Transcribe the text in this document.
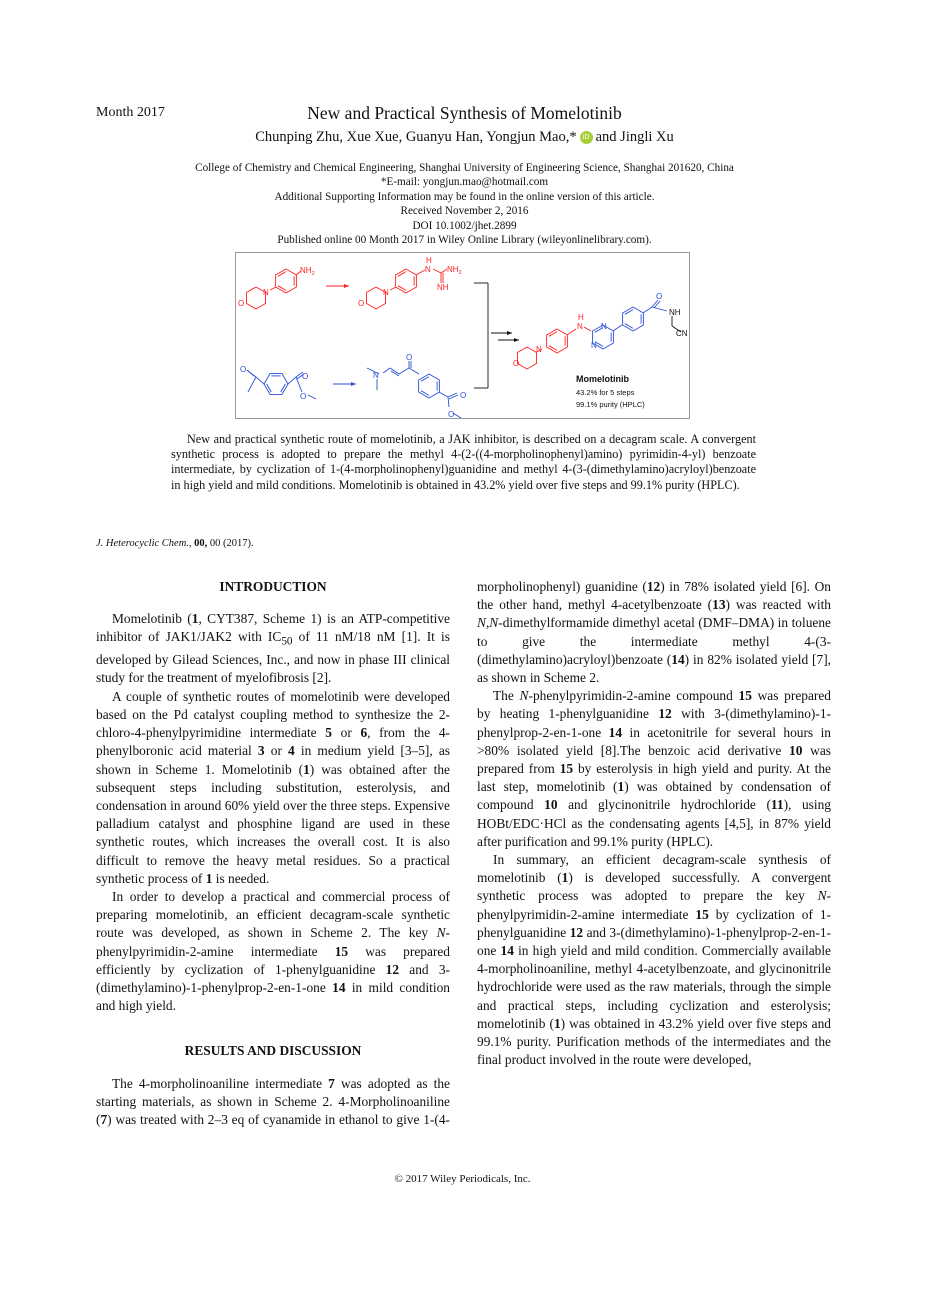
Month 2017	New and Practical Synthesis of Momelotinib
Chunping Zhu, Xue Xue, Guanyu Han, Yongjun Mao,* iD and Jingli Xu
College of Chemistry and Chemical Engineering, Shanghai University of Engineering Science, Shanghai 201620, China
*E-mail: yongjun.mao@hotmail.com
Additional Supporting Information may be found in the online version of this article.
Received November 2, 2016
DOI 10.1002/jhet.2899
Published online 00 Month 2017 in Wiley Online Library (wileyonlinelibrary.com).
$NH_2$
N
O
H
N $NH_2$
NH
N
O
O
O
O
N
O
O
O
H
N
N
O
N
N
O
NH
CN
Momelotinib
43.2% for 5 steps
99.1% purity (HPLC)
New and practical synthetic route of momelotinib, a JAK inhibitor, is described on a decagram scale. A convergent synthetic process is adopted to prepare the methyl 4-(2-((4-morpholinophenyl)amino) pyrimidin-4-yl) benzoate intermediate, by cyclization of 1-(4-morpholinophenyl)guanidine and methyl 4-(3-(dimethylamino)acryloyl)benzoate in high yield and mild conditions. Momelotinib is obtained in 43.2% yield over five steps and 99.1% purity (HPLC).
J. Heterocyclic Chem., 00, 00 (2017).
INTRODUCTION

Momelotinib (1, CYT387, Scheme 1) is an ATP-competitive inhibitor of JAK1/JAK2 with $IC_{50}$ of 11 nM/18 nM [1]. It is developed by Gilead Sciences, Inc., and now in phase III clinical study for the treatment of myelofibrosis [2].

A couple of synthetic routes of momelotinib were developed based on the Pd catalyst coupling method to synthesize the 2-chloro-4-phenylpyrimidine intermediate 5 or 6, from the 4-phenylboronic acid material 3 or 4 in medium yield [3–5], as shown in Scheme 1. Momelotinib (1) was obtained after the subsequent steps including substitution, esterolysis, and condensation in around 60% yield over the three steps. Expensive palladium catalyst and phosphine ligand are used in these synthetic routes, which increases the overall cost. It is also difficult to remove the heavy metal residues. So a practical synthetic process of 1 is needed.

In order to develop a practical and commercial process of preparing momelotinib, an efficient decagram-scale synthetic route was developed, as shown in Scheme 2. The key N-phenylpyrimidin-2-amine intermediate 15 was prepared efficiently by cyclization of 1-phenylguanidine 12 and 3-(dimethylamino)-1-phenylprop-2-en-1-one 14 in mild condition and high yield.

RESULTS AND DISCUSSION

The 4-morpholinoaniline intermediate 7 was adopted as the starting materials, as shown in Scheme 2. 4-Morpholinoaniline (7) was treated with 2–3 eq of cyanamide in ethanol to give 1-(4-morpholinophenyl) guanidine (12) in 78% isolated yield [6]. On the other hand, methyl 4-acetylbenzoate (13) was reacted with N,N-dimethylformamide dimethyl acetal (DMF–DMA) in toluene to give the intermediate methyl 4-(3-(dimethylamino)acryloyl)benzoate (14) in 82% isolated yield [7], as shown in Scheme 2.

The N-phenylpyrimidin-2-amine compound 15 was prepared by heating 1-phenylguanidine 12 with 3-(dimethylamino)-1-phenylprop-2-en-1-one 14 in acetonitrile for several hours in >80% isolated yield [8].The benzoic acid derivative 10 was prepared from 15 by esterolysis in high yield and purity. At the last step, momelotinib (1) was obtained by condensation of compound 10 and glycinonitrile hydrochloride (11), using HOBt/EDC·HCl as the condensating agents [4,5], in 87% yield after purification and 99.1% purity (HPLC).

In summary, an efficient decagram-scale synthesis of momelotinib (1) is developed successfully. A convergent synthetic process was adopted to prepare the key N-phenylpyrimidin-2-amine intermediate 15 by cyclization of 1-phenylguanidine 12 and 3-(dimethylamino)-1-phenylprop-2-en-1-one 14 in high yield and mild condition. Commercially available 4-morpholinoaniline, methyl 4-acetylbenzoate, and glycinonitrile hydrochloride were used as the raw materials, through the simple and practical steps, including cyclization and esterolysis; momelotinib (1) was obtained in 43.2% yield over five steps and 99.1% purity. Purification methods of the intermediates and the final product involved in the route were developed,

© 2017 Wiley Periodicals, Inc.
